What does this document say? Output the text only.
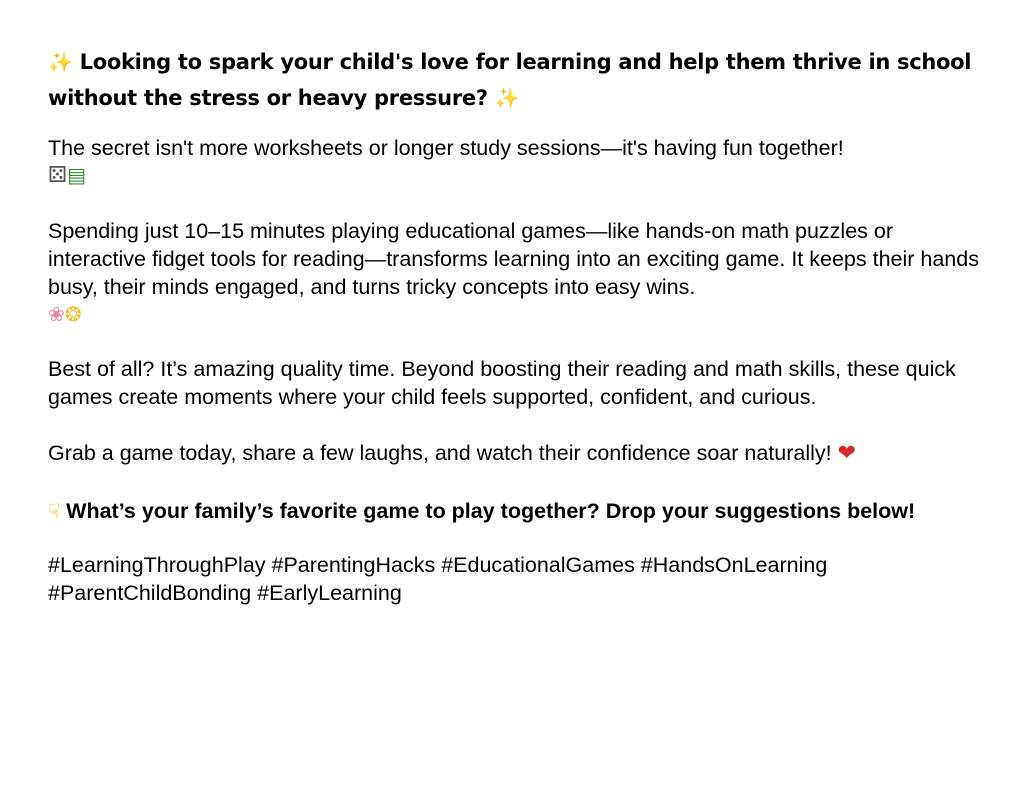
✨ Looking to spark your child's love for learning and help them thrive in school without the stress or heavy pressure? ✨

The secret isn't more worksheets or longer study sessions—it's having fun together!
⚄▤

Spending just 10–15 minutes playing educational games—like hands-on math puzzles or interactive fidget tools for reading—transforms learning into an exciting game. It keeps their hands busy, their minds engaged, and turns tricky concepts into easy wins.
❀❂

Best of all? It’s amazing quality time. Beyond boosting their reading and math skills, these quick games create moments where your child feels supported, confident, and curious.

Grab a game today, share a few laughs, and watch their confidence soar naturally! ❤

☟ What’s your family’s favorite game to play together? Drop your suggestions below!

#LearningThroughPlay #ParentingHacks #EducationalGames #HandsOnLearning #ParentChildBonding #EarlyLearning
